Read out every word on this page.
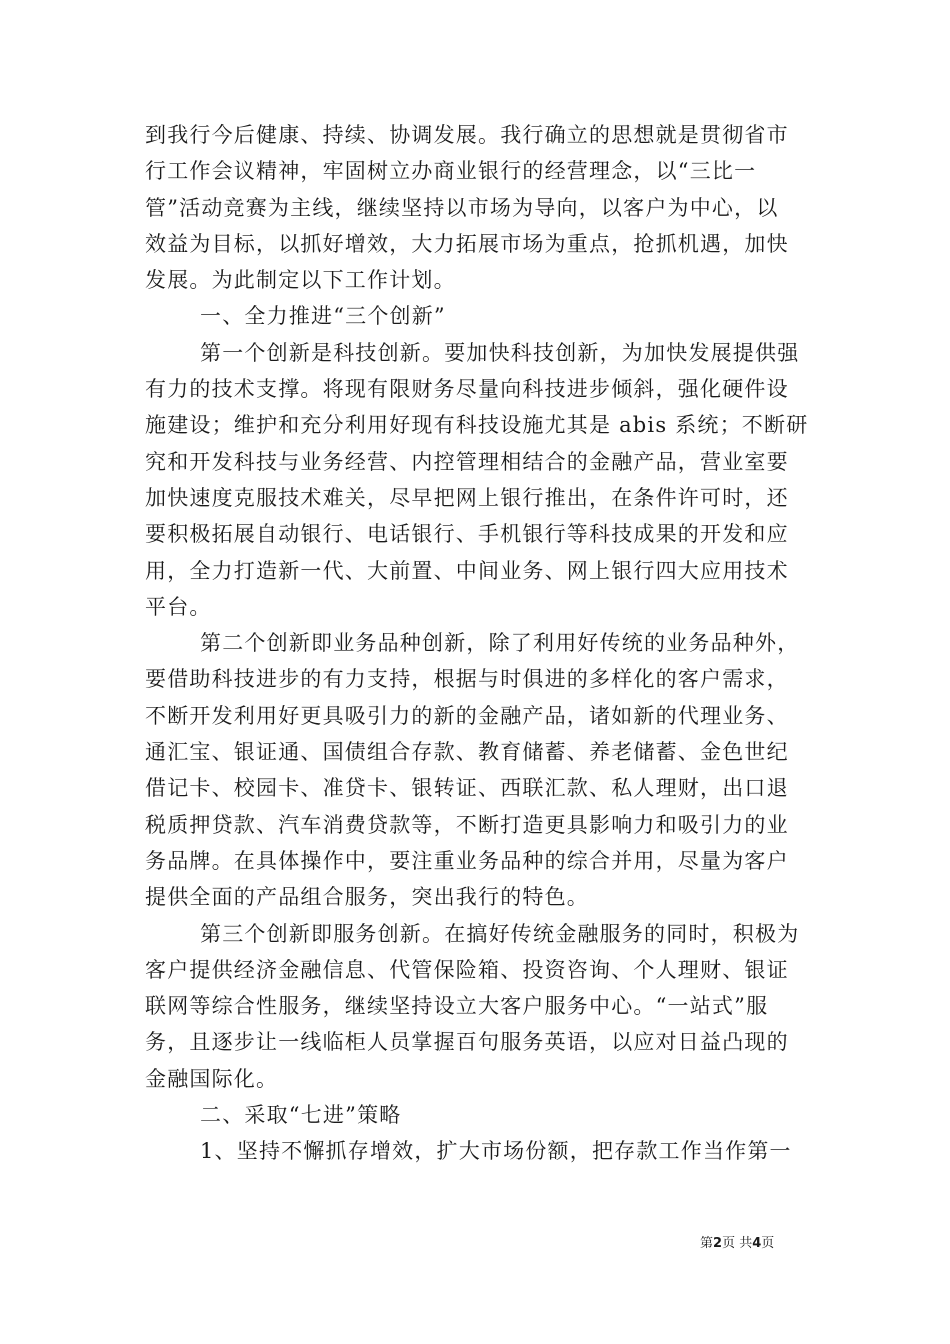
到我行今后健康、持续、协调发展。我行确立的思想就是贯彻省市
行工作会议精神，牢固树立办商业银行的经营理念，以“三比一
管”活动竞赛为主线，继续坚持以市场为导向，以客户为中心，以
效益为目标，以抓好增效，大力拓展市场为重点，抢抓机遇，加快
发展。为此制定以下工作计划。
一、全力推进“三个创新”
第一个创新是科技创新。要加快科技创新，为加快发展提供强
有力的技术支撑。将现有限财务尽量向科技进步倾斜，强化硬件设
施建设；维护和充分利用好现有科技设施尤其是 abis 系统；不断研
究和开发科技与业务经营、内控管理相结合的金融产品，营业室要
加快速度克服技术难关，尽早把网上银行推出，在条件许可时，还
要积极拓展自动银行、电话银行、手机银行等科技成果的开发和应
用，全力打造新一代、大前置、中间业务、网上银行四大应用技术
平台。
第二个创新即业务品种创新，除了利用好传统的业务品种外，
要借助科技进步的有力支持，根据与时俱进的多样化的客户需求，
不断开发利用好更具吸引力的新的金融产品，诸如新的代理业务、
通汇宝、银证通、国债组合存款、教育储蓄、养老储蓄、金色世纪
借记卡、校园卡、准贷卡、银转证、西联汇款、私人理财，出口退
税质押贷款、汽车消费贷款等，不断打造更具影响力和吸引力的业
务品牌。在具体操作中，要注重业务品种的综合并用，尽量为客户
提供全面的产品组合服务，突出我行的特色。
第三个创新即服务创新。在搞好传统金融服务的同时，积极为
客户提供经济金融信息、代管保险箱、投资咨询、个人理财、银证
联网等综合性服务，继续坚持设立大客户服务中心。“一站式”服
务，且逐步让一线临柜人员掌握百句服务英语，以应对日益凸现的
金融国际化。
二、采取“七进”策略
1、坚持不懈抓存增效，扩大市场份额，把存款工作当作第一
第2页 共4页
